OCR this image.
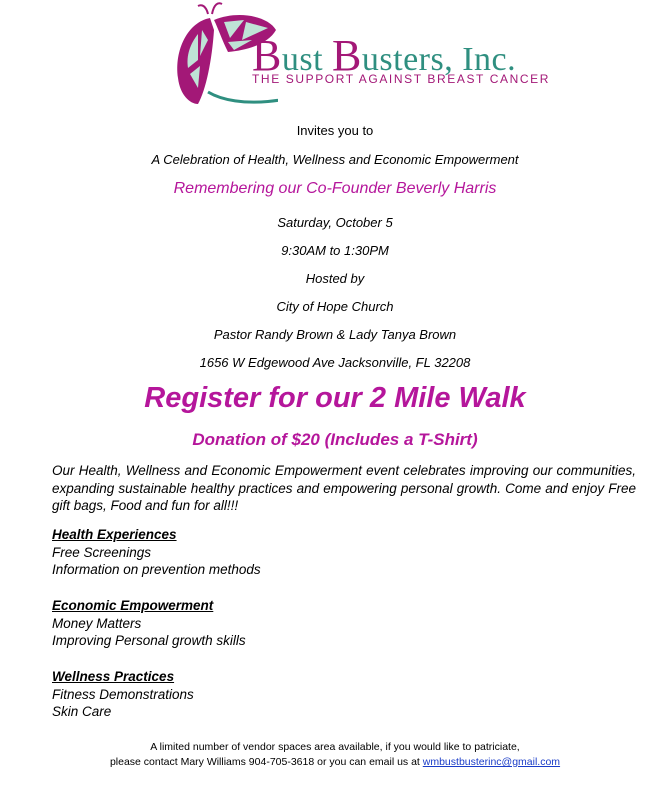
Bust Busters, Inc.
THE SUPPORT AGAINST BREAST CANCER
Invites you to
A Celebration of Health, Wellness and Economic Empowerment
Remembering our Co-Founder Beverly Harris
Saturday, October 5
9:30AM to 1:30PM
Hosted by
City of Hope Church
Pastor Randy Brown & Lady Tanya Brown
1656 W Edgewood Ave Jacksonville, FL 32208
Register for our 2 Mile Walk
Donation of $20 (Includes a T-Shirt)
Our Health, Wellness and Economic Empowerment event celebrates improving our communities, expanding sustainable healthy practices and empowering personal growth. Come and enjoy Free gift bags, Food and fun for all!!!
Health Experiences
Free Screenings
Information on prevention methods
Economic Empowerment
Money Matters
Improving Personal growth skills
Wellness Practices
Fitness Demonstrations
Skin Care
A limited number of vendor spaces area available, if you would like to patriciate,
please contact Mary Williams 904-705-3618 or you can email us at wmbustbusterinc@gmail.com
